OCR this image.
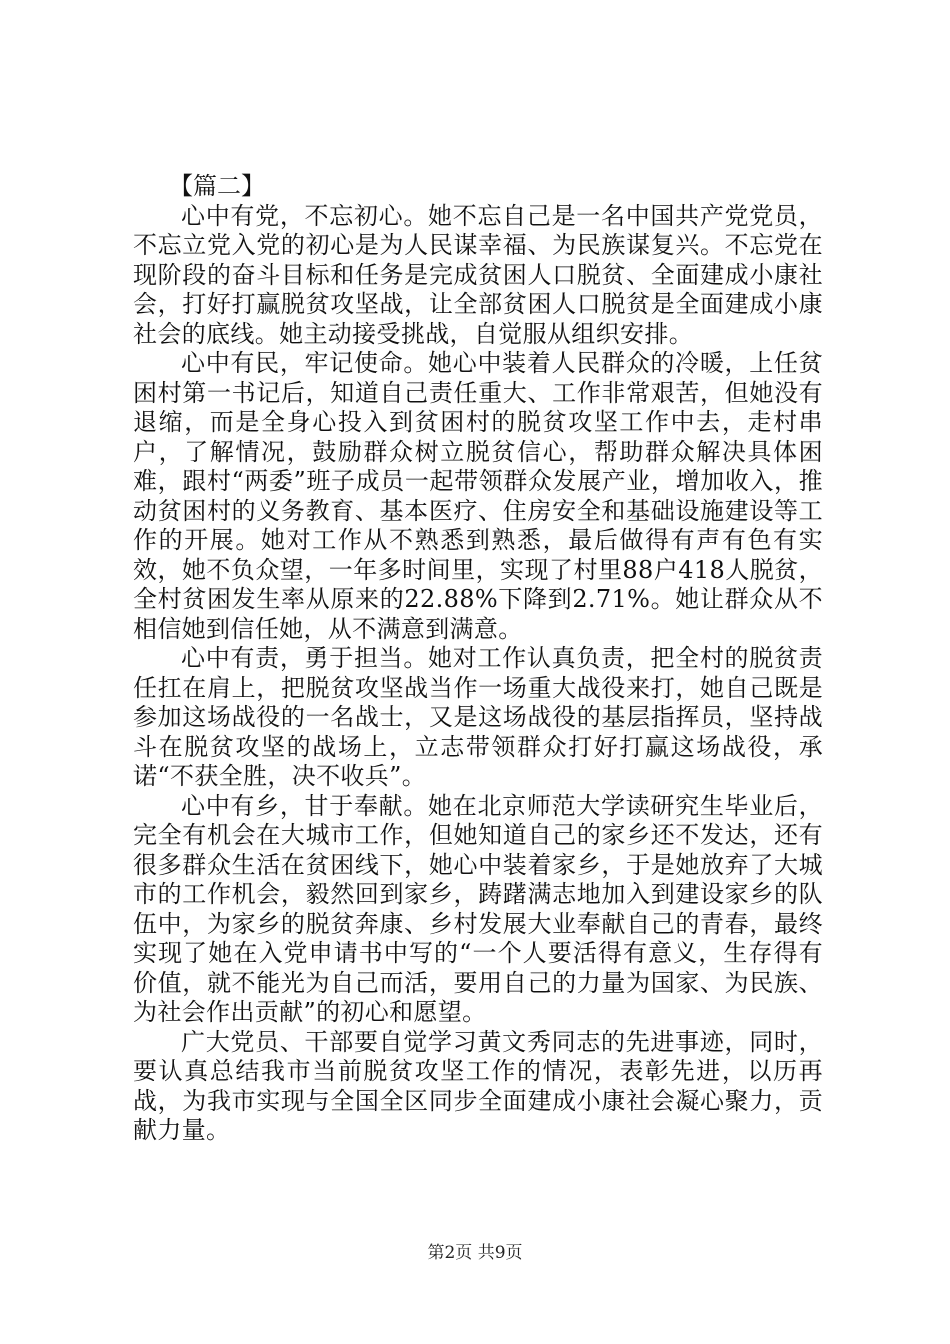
【篇二】

心中有党，不忘初心。她不忘自己是一名中国共产党党员，不忘立党入党的初心是为人民谋幸福、为民族谋复兴。不忘党在现阶段的奋斗目标和任务是完成贫困人口脱贫、全面建成小康社会，打好打赢脱贫攻坚战，让全部贫困人口脱贫是全面建成小康社会的底线。她主动接受挑战，自觉服从组织安排。

心中有民，牢记使命。她心中装着人民群众的冷暖，上任贫困村第一书记后，知道自己责任重大、工作非常艰苦，但她没有退缩，而是全身心投入到贫困村的脱贫攻坚工作中去，走村串户，了解情况，鼓励群众树立脱贫信心，帮助群众解决具体困难，跟村“两委”班子成员一起带领群众发展产业，增加收入，推动贫困村的义务教育、基本医疗、住房安全和基础设施建设等工作的开展。她对工作从不熟悉到熟悉，最后做得有声有色有实效，她不负众望，一年多时间里，实现了村里88户418人脱贫，全村贫困发生率从原来的22.88%下降到2.71%。她让群众从不相信她到信任她，从不满意到满意。

心中有责，勇于担当。她对工作认真负责，把全村的脱贫责任扛在肩上，把脱贫攻坚战当作一场重大战役来打，她自己既是参加这场战役的一名战士，又是这场战役的基层指挥员，坚持战斗在脱贫攻坚的战场上，立志带领群众打好打赢这场战役，承诺“不获全胜，决不收兵”。

心中有乡，甘于奉献。她在北京师范大学读研究生毕业后，完全有机会在大城市工作，但她知道自己的家乡还不发达，还有很多群众生活在贫困线下，她心中装着家乡，于是她放弃了大城市的工作机会，毅然回到家乡，踌躇满志地加入到建设家乡的队伍中，为家乡的脱贫奔康、乡村发展大业奉献自己的青春，最终实现了她在入党申请书中写的“一个人要活得有意义，生存得有价值，就不能光为自己而活，要用自己的力量为国家、为民族、为社会作出贡献”的初心和愿望。

广大党员、干部要自觉学习黄文秀同志的先进事迹，同时，要认真总结我市当前脱贫攻坚工作的情况，表彰先进，以历再战，为我市实现与全国全区同步全面建成小康社会凝心聚力，贡献力量。

第2页 共9页
